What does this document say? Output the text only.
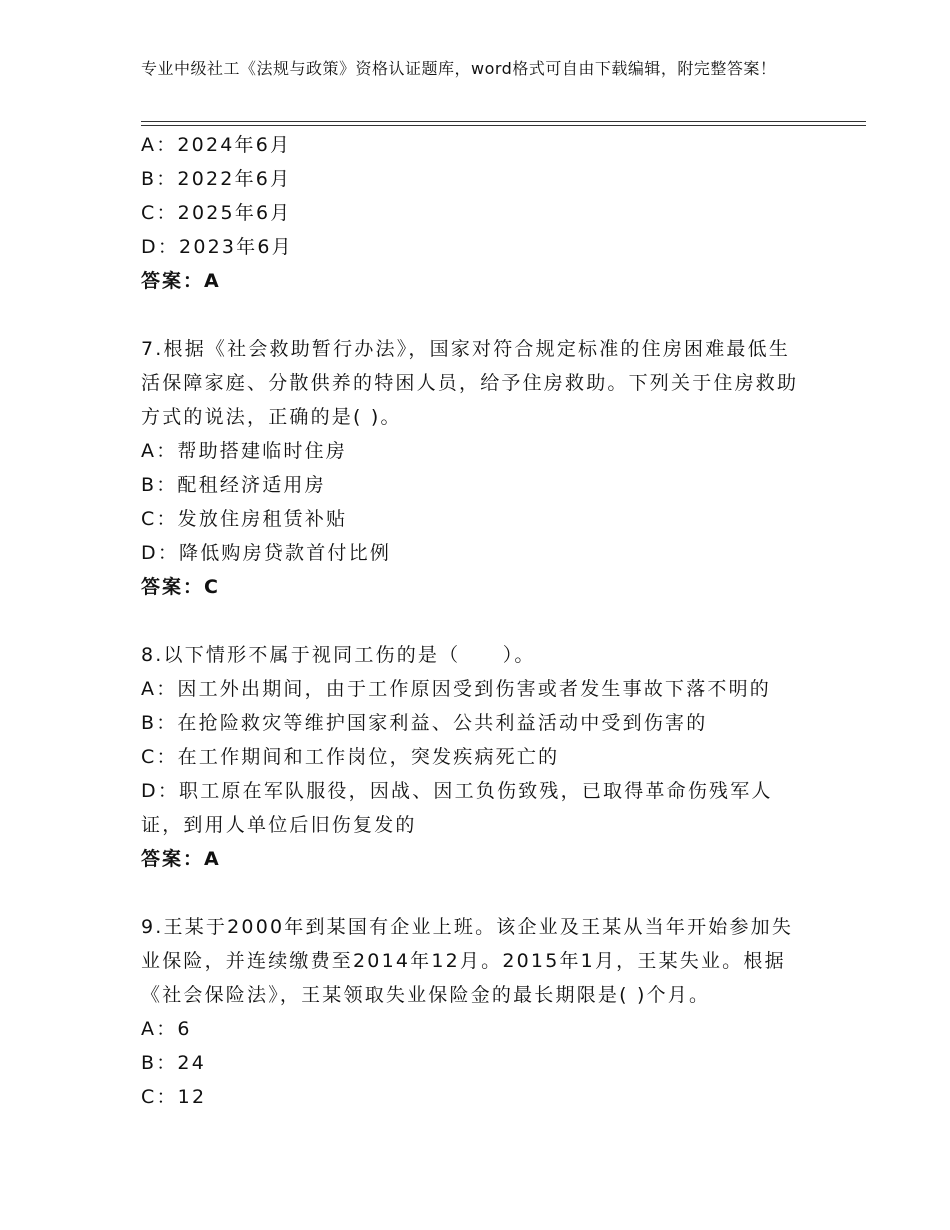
专业中级社工《法规与政策》资格认证题库，word格式可自由下载编辑，附完整答案！
A：2024年6月
B：2022年6月
C：2025年6月
D：2023年6月
答案：A
7.根据《社会救助暂行办法》，国家对符合规定标准的住房困难最低生活保障家庭、分散供养的特困人员，给予住房救助。下列关于住房救助方式的说法，正确的是( )。
A：帮助搭建临时住房
B：配租经济适用房
C：发放住房租赁补贴
D：降低购房贷款首付比例
答案：C
8.以下情形不属于视同工伤的是（　　）。
A：因工外出期间，由于工作原因受到伤害或者发生事故下落不明的
B：在抢险救灾等维护国家利益、公共利益活动中受到伤害的
C：在工作期间和工作岗位，突发疾病死亡的
D：职工原在军队服役，因战、因工负伤致残，已取得革命伤残军人证，到用人单位后旧伤复发的
答案：A
9.王某于2000年到某国有企业上班。该企业及王某从当年开始参加失业保险，并连续缴费至2014年12月。2015年1月，王某失业。根据《社会保险法》，王某领取失业保险金的最长期限是( )个月。
A：6
B：24
C：12
